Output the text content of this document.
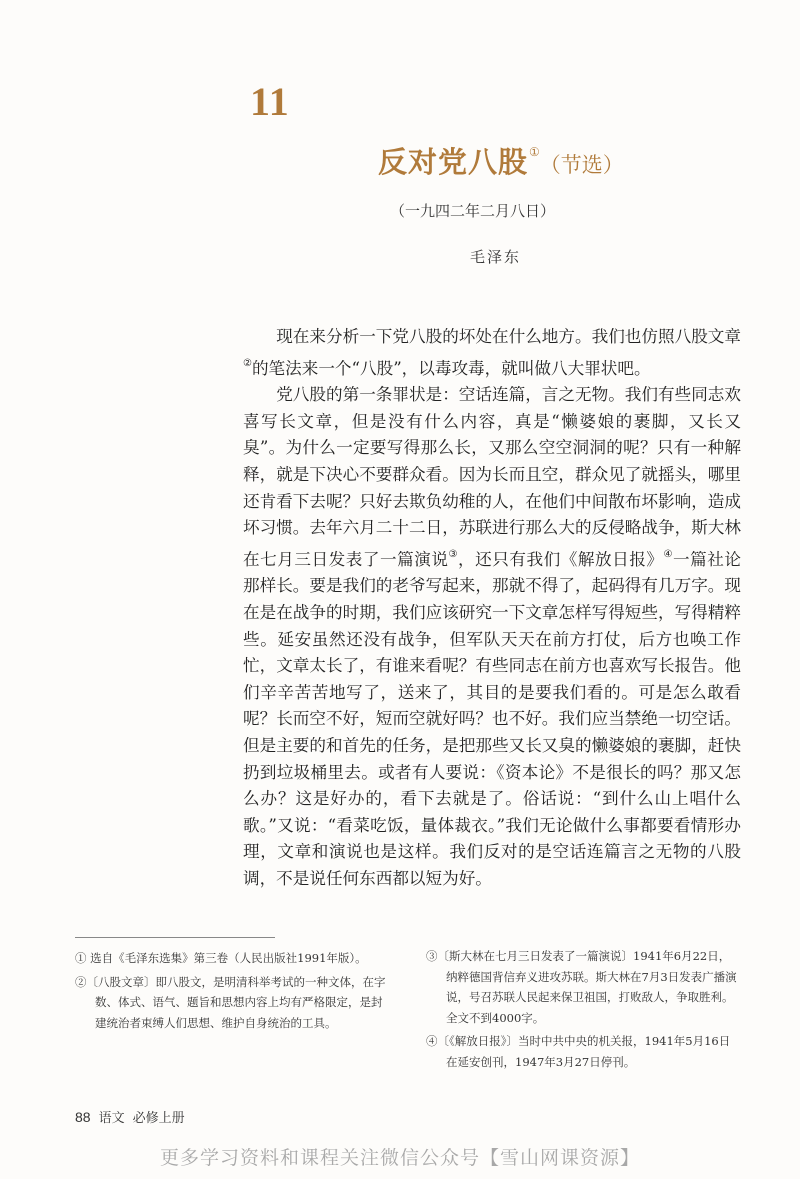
11
反对党八股①（节选）
（一九四二年二月八日）
毛泽东

现在来分析一下党八股的坏处在什么地方。我们也仿照八股文章②的笔法来一个“八股”，以毒攻毒，就叫做八大罪状吧。

党八股的第一条罪状是：空话连篇，言之无物。我们有些同志欢喜写长文章，但是没有什么内容，真是“懒婆娘的裹脚，又长又臭”。为什么一定要写得那么长，又那么空空洞洞的呢？只有一种解释，就是下决心不要群众看。因为长而且空，群众见了就摇头，哪里还肯看下去呢？只好去欺负幼稚的人，在他们中间散布坏影响，造成坏习惯。去年六月二十二日，苏联进行那么大的反侵略战争，斯大林在七月三日发表了一篇演说③，还只有我们《解放日报》④一篇社论那样长。要是我们的老爷写起来，那就不得了，起码得有几万字。现在是在战争的时期，我们应该研究一下文章怎样写得短些，写得精粹些。延安虽然还没有战争，但军队天天在前方打仗，后方也唤工作忙，文章太长了，有谁来看呢？有些同志在前方也喜欢写长报告。他们辛辛苦苦地写了，送来了，其目的是要我们看的。可是怎么敢看呢？长而空不好，短而空就好吗？也不好。我们应当禁绝一切空话。但是主要的和首先的任务，是把那些又长又臭的懒婆娘的裹脚，赶快扔到垃圾桶里去。或者有人要说：《资本论》不是很长的吗？那又怎么办？这是好办的，看下去就是了。俗话说：“到什么山上唱什么歌。”又说：“看菜吃饭，量体裁衣。”我们无论做什么事都要看情形办理，文章和演说也是这样。我们反对的是空话连篇言之无物的八股调，不是说任何东西都以短为好。

① 选自《毛泽东选集》第三卷（人民出版社1991年版）。
②〔八股文章〕即八股文，是明清科举考试的一种文体，在字数、体式、语气、题旨和思想内容上均有严格限定，是封建统治者束缚人们思想、维护自身统治的工具。
③〔斯大林在七月三日发表了一篇演说〕1941年6月22日，纳粹德国背信弃义进攻苏联。斯大林在7月3日发表广播演说，号召苏联人民起来保卫祖国，打败敌人，争取胜利。全文不到4000字。
④〔《解放日报》〕当时中共中央的机关报，1941年5月16日在延安创刊，1947年3月27日停刊。
88 语文 必修上册
更多学习资料和课程关注微信公众号【雪山网课资源】
